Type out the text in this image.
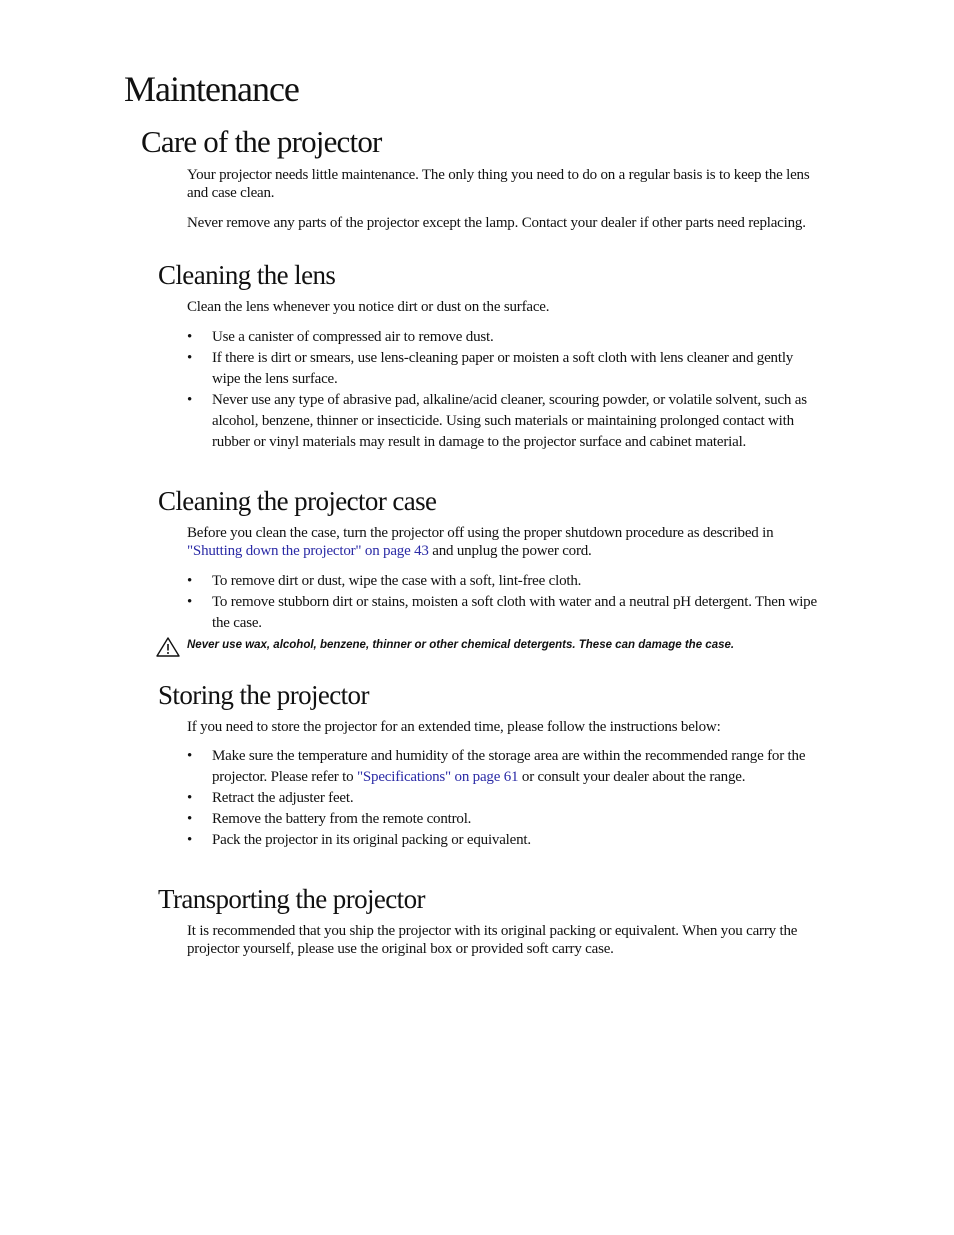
Maintenance
Care of the projector

Your projector needs little maintenance. The only thing you need to do on a regular basis is to keep the lens and case clean.

Never remove any parts of the projector except the lamp. Contact your dealer if other parts need replacing.

Cleaning the lens

Clean the lens whenever you notice dirt or dust on the surface.

• Use a canister of compressed air to remove dust.
• If there is dirt or smears, use lens-cleaning paper or moisten a soft cloth with lens cleaner and gently wipe the lens surface.
• Never use any type of abrasive pad, alkaline/acid cleaner, scouring powder, or volatile solvent, such as alcohol, benzene, thinner or insecticide. Using such materials or maintaining prolonged contact with rubber or vinyl materials may result in damage to the projector surface and cabinet material.
Cleaning the projector case

Before you clean the case, turn the projector off using the proper shutdown procedure as described in "Shutting down the projector" on page 43 and unplug the power cord.

• To remove dirt or dust, wipe the case with a soft, lint-free cloth.
• To remove stubborn dirt or stains, moisten a soft cloth with water and a neutral pH detergent. Then wipe the case.

Never use wax, alcohol, benzene, thinner or other chemical detergents. These can damage the case.

Storing the projector

If you need to store the projector for an extended time, please follow the instructions below:

• Make sure the temperature and humidity of the storage area are within the recommended range for the projector. Please refer to "Specifications" on page 61 or consult your dealer about the range.
• Retract the adjuster feet.
• Remove the battery from the remote control.
• Pack the projector in its original packing or equivalent.
Transporting the projector

It is recommended that you ship the projector with its original packing or equivalent. When you carry the projector yourself, please use the original box or provided soft carry case.
